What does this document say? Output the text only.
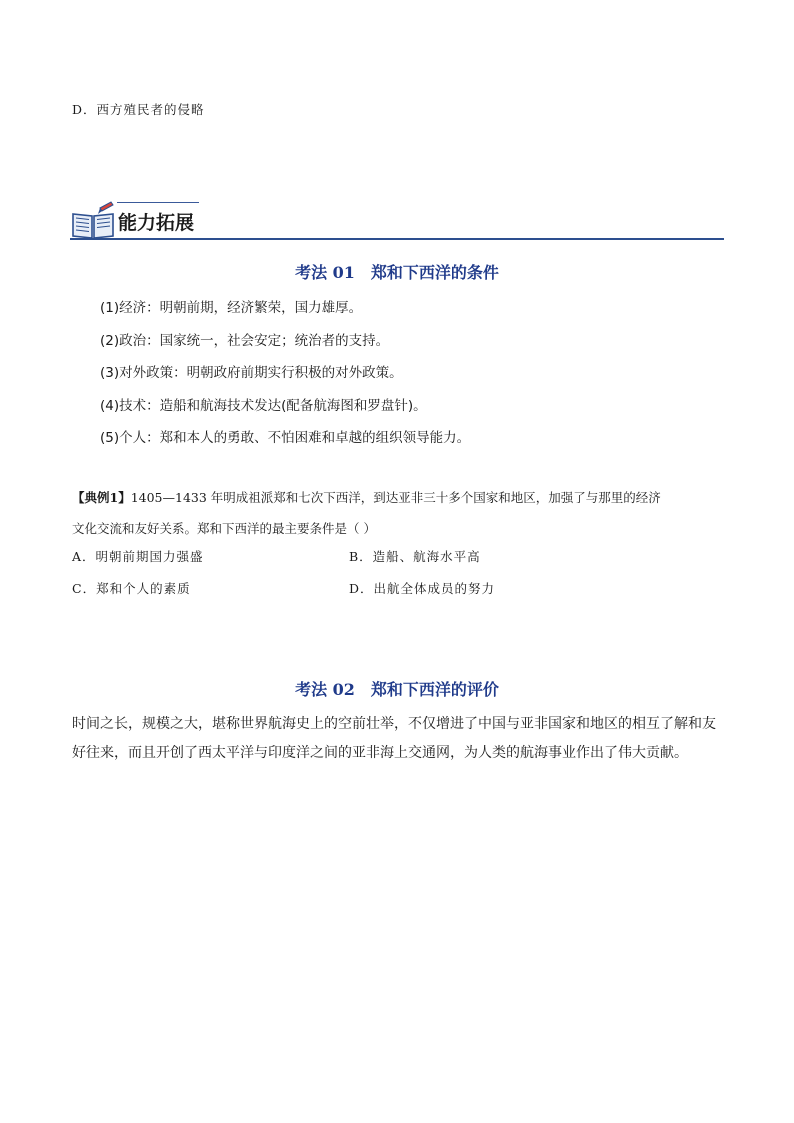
D．西方殖民者的侵略
能力拓展
考法 01 郑和下西洋的条件
(1)经济：明朝前期，经济繁荣，国力雄厚。
(2)政治：国家统一，社会安定；统治者的支持。
(3)对外政策：明朝政府前期实行积极的对外政策。
(4)技术：造船和航海技术发达(配备航海图和罗盘针)。
(5)个人：郑和本人的勇敢、不怕困难和卓越的组织领导能力。
【典例1】1405—1433 年明成祖派郑和七次下西洋，到达亚非三十多个国家和地区，加强了与那里的经济
文化交流和友好关系。郑和下西洋的最主要条件是（ ）
A．明朝前期国力强盛	B．造船、航海水平高
C．郑和个人的素质	D．出航全体成员的努力
考法 02 郑和下西洋的评价
时间之长，规模之大，堪称世界航海史上的空前壮举，不仅增进了中国与亚非国家和地区的相互了解和友
好往来，而且开创了西太平洋与印度洋之间的亚非海上交通网，为人类的航海事业作出了伟大贡献。
